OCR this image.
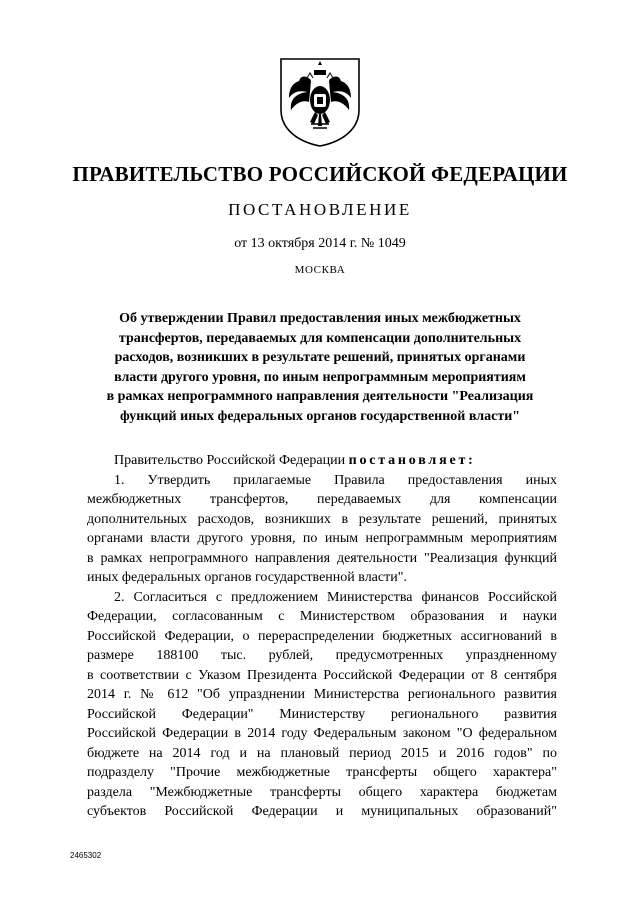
ПРАВИТЕЛЬСТВО РОССИЙСКОЙ ФЕДЕРАЦИИ
ПОСТАНОВЛЕНИЕ
от 13 октября 2014 г. № 1049
МОСКВА
Об утверждении Правил предоставления иных межбюджетных
трансфертов, передаваемых для компенсации дополнительных
расходов, возникших в результате решений, принятых органами
власти другого уровня, по иным непрограммным мероприятиям
в рамках непрограммного направления деятельности "Реализация
функций иных федеральных органов государственной власти"
Правительство Российской Федерации постановляет:
1. Утвердить прилагаемые Правила предоставления иных
межбюджетных трансфертов, передаваемых для компенсации
дополнительных расходов, возникших в результате решений, принятых
органами власти другого уровня, по иным непрограммным мероприятиям
в рамках непрограммного направления деятельности "Реализация функций
иных федеральных органов государственной власти".
2. Согласиться с предложением Министерства финансов Российской
Федерации, согласованным с Министерством образования и науки
Российской Федерации, о перераспределении бюджетных ассигнований в
размере 188100 тыс. рублей, предусмотренных упраздненному
в соответствии с Указом Президента Российской Федерации от 8 сентября
2014 г. № 612 "Об упразднении Министерства регионального развития
Российской Федерации" Министерству регионального развития
Российской Федерации в 2014 году Федеральным законом "О федеральном
бюджете на 2014 год и на плановый период 2015 и 2016 годов" по
подразделу "Прочие межбюджетные трансферты общего характера"
раздела "Межбюджетные трансферты общего характера бюджетам
субъектов Российской Федерации и муниципальных образований"
2465302
